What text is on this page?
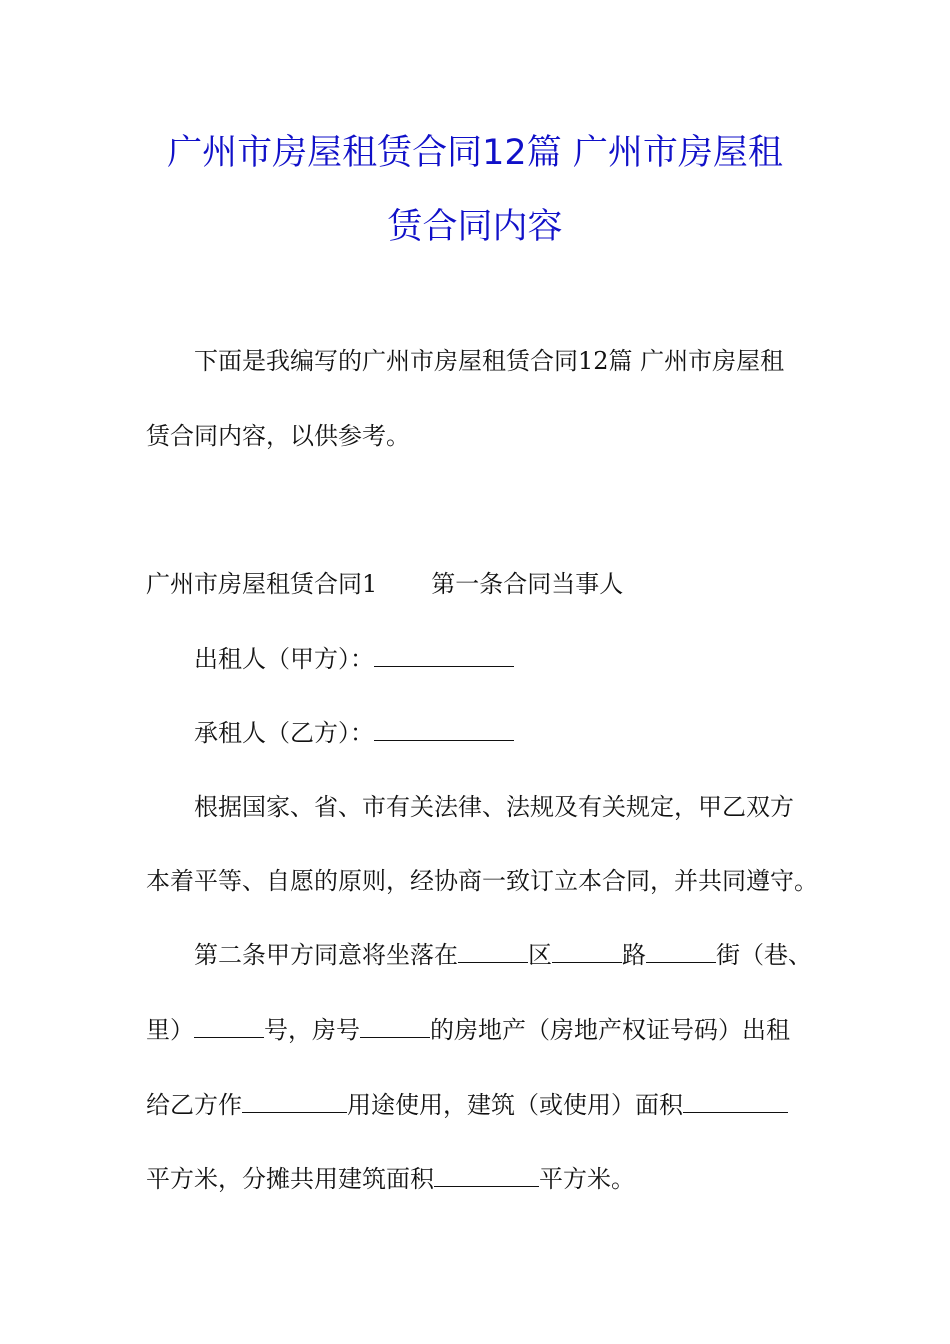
广州市房屋租赁合同12篇 广州市房屋租
赁合同内容
下面是我编写的广州市房屋租赁合同12篇 广州市房屋租
赁合同内容，以供参考。
广州市房屋租赁合同1 第一条合同当事人
出租人（甲方）：
承租人（乙方）：
根据国家、省、市有关法律、法规及有关规定，甲乙双方
本着平等、自愿的原则，经协商一致订立本合同，并共同遵守。
第二条甲方同意将坐落在	区	路	街（巷、
里）	号，房号	的房地产（房地产权证号码）出租
给乙方作	用途使用，建筑（或使用）面积
平方米，分摊共用建筑面积	平方米。
